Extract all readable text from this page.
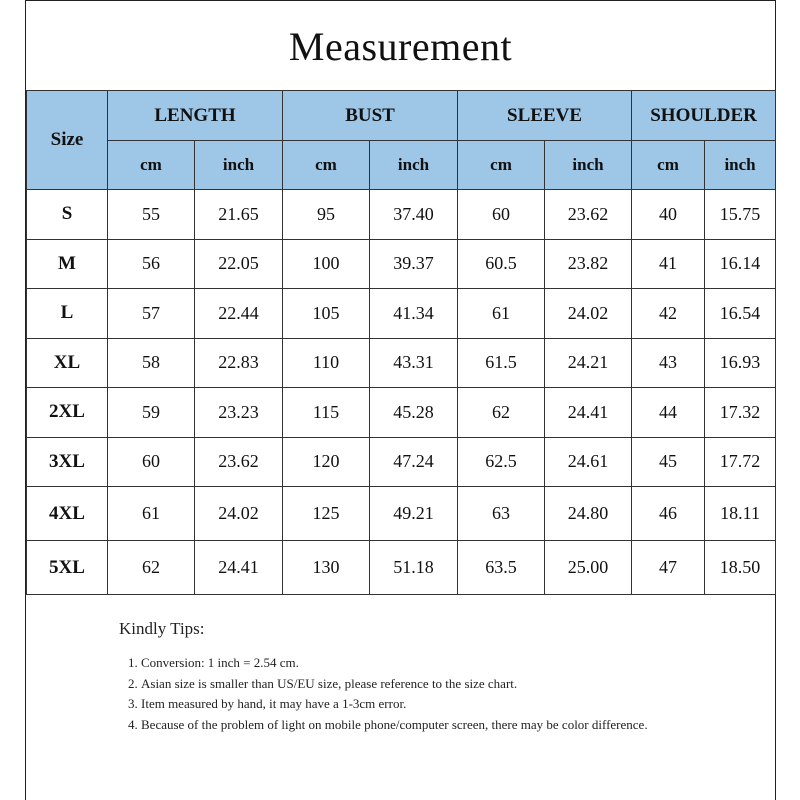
Measurement
Size	LENGTH		BUST		SLEEVE		SHOULDER	
	cm	inch	cm	inch	cm	inch	cm	inch
S	55	21.65	95	37.40	60	23.62	40	15.75
M	56	22.05	100	39.37	60.5	23.82	41	16.14
L	57	22.44	105	41.34	61	24.02	42	16.54
XL	58	22.83	110	43.31	61.5	24.21	43	16.93
2XL	59	23.23	115	45.28	62	24.41	44	17.32
3XL	60	23.62	120	47.24	62.5	24.61	45	17.72
4XL	61	24.02	125	49.21	63	24.80	46	18.11
5XL	62	24.41	130	51.18	63.5	25.00	47	18.50
Kindly Tips:
1. Conversion: 1 inch = 2.54 cm.
2. Asian size is smaller than US/EU size, please reference to the size chart.
3. Item measured by hand, it may have a 1-3cm error.
4. Because of the problem of light on mobile phone/computer screen, there may be color difference.
